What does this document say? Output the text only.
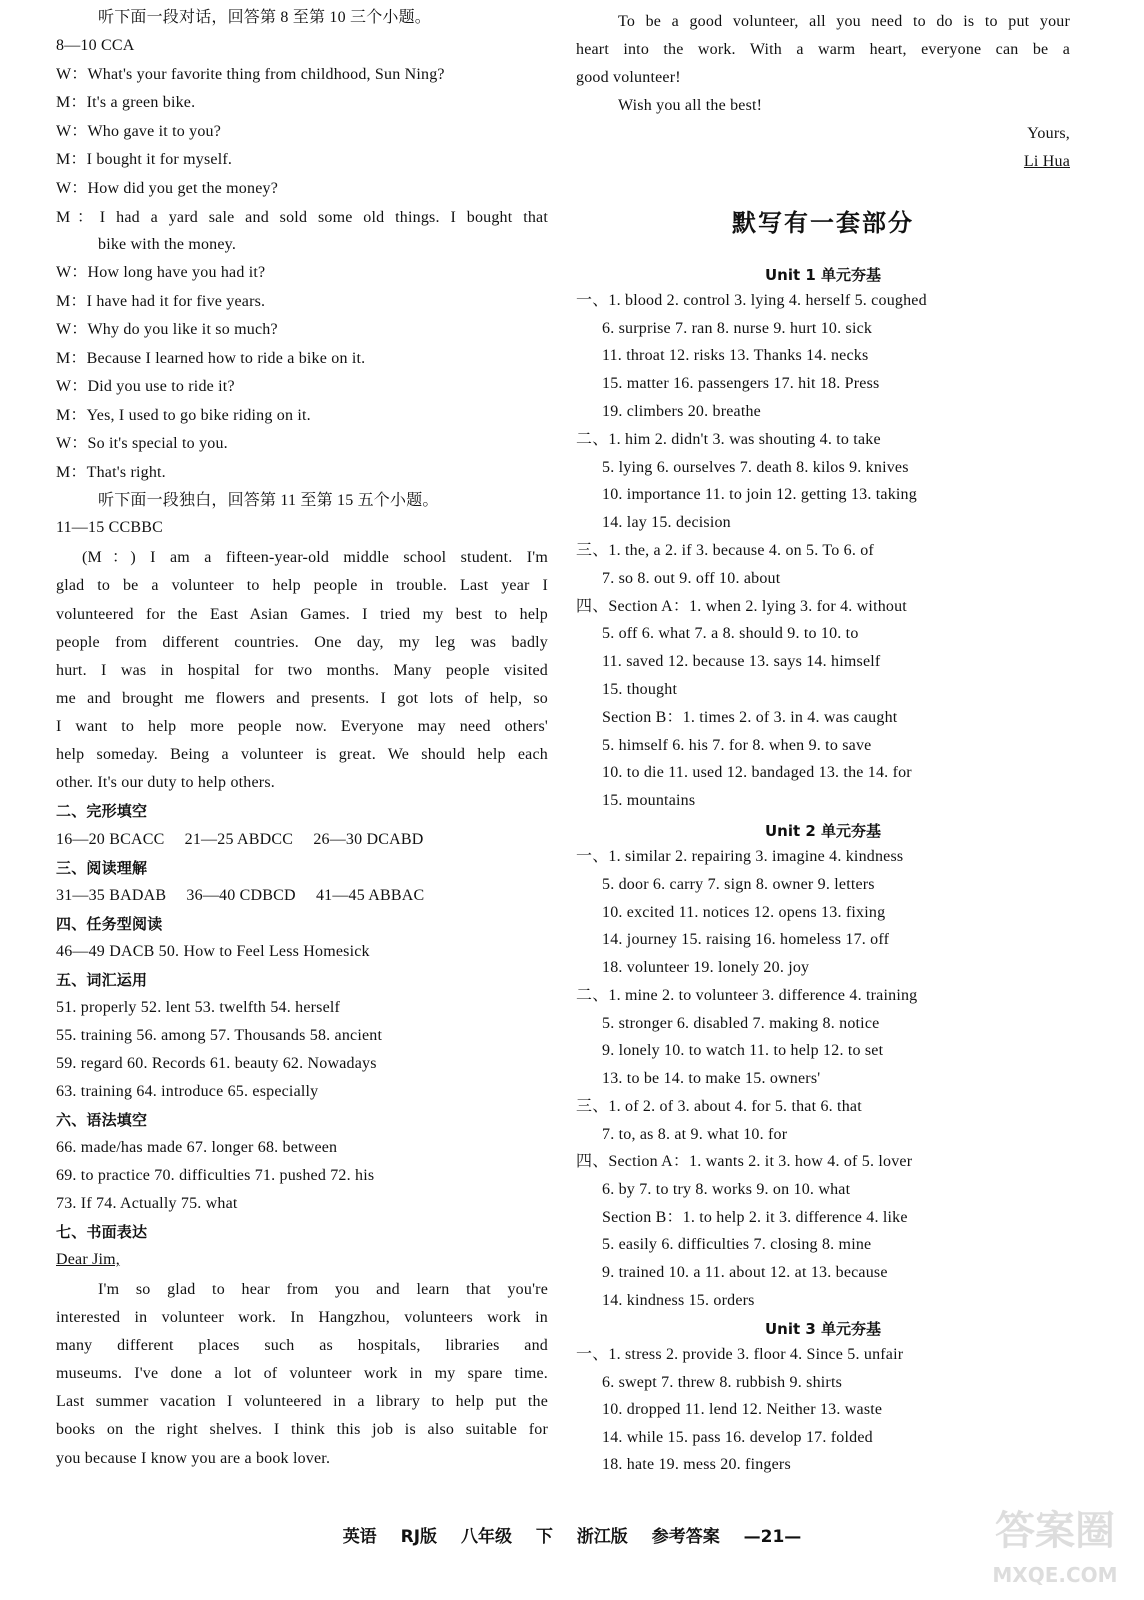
听下面一段对话，回答第 8 至第 10 三个小题。
8—10 CCA
W：What's your favorite thing from childhood, Sun Ning?
M：It's a green bike.
W：Who gave it to you?
M：I bought it for myself.
W：How did you get the money?
M：I had a yard sale and sold some old things. I bought that
bike with the money.
W：How long have you had it?
M：I have had it for five years.
W：Why do you like it so much?
M：Because I learned how to ride a bike on it.
W：Did you use to ride it?
M：Yes, I used to go bike riding on it.
W：So it's special to you.
M：That's right.
听下面一段独白，回答第 11 至第 15 五个小题。
11—15 CCBBC
(M：) I am a fifteen-year-old middle school student. I'm
glad to be a volunteer to help people in trouble. Last year I
volunteered for the East Asian Games. I tried my best to help
people from different countries. One day, my leg was badly
hurt. I was in hospital for two months. Many people visited
me and brought me flowers and presents. I got lots of help, so
I want to help more people now. Everyone may need others'
help someday. Being a volunteer is great. We should help each
other. It's our duty to help others.
二、完形填空
16—20 BCACC 21—25 ABDCC 26—30 DCABD
三、阅读理解
31—35 BADAB 36—40 CDBCD 41—45 ABBAC
四、任务型阅读
46—49 DACB 50. How to Feel Less Homesick
五、词汇运用
51. properly 52. lent 53. twelfth 54. herself
55. training 56. among 57. Thousands 58. ancient
59. regard 60. Records 61. beauty 62. Nowadays
63. training 64. introduce 65. especially
六、语法填空
66. made/has made 67. longer 68. between
69. to practice 70. difficulties 71. pushed 72. his
73. If 74. Actually 75. what
七、书面表达
Dear Jim,
I'm so glad to hear from you and learn that you're
interested in volunteer work. In Hangzhou, volunteers work in
many different places such as hospitals, libraries and
museums. I've done a lot of volunteer work in my spare time.
Last summer vacation I volunteered in a library to help put the
books on the right shelves. I think this job is also suitable for
you because I know you are a book lover.
To be a good volunteer, all you need to do is to put your
heart into the work. With a warm heart, everyone can be a
good volunteer!
Wish you all the best!
Yours,
Li Hua
默写有一套部分
Unit 1 单元夯基
一、1. blood 2. control 3. lying 4. herself 5. coughed
6. surprise 7. ran 8. nurse 9. hurt 10. sick
11. throat 12. risks 13. Thanks 14. necks
15. matter 16. passengers 17. hit 18. Press
19. climbers 20. breathe
二、1. him 2. didn't 3. was shouting 4. to take
5. lying 6. ourselves 7. death 8. kilos 9. knives
10. importance 11. to join 12. getting 13. taking
14. lay 15. decision
三、1. the, a 2. if 3. because 4. on 5. To 6. of
7. so 8. out 9. off 10. about
四、Section A：1. when 2. lying 3. for 4. without
5. off 6. what 7. a 8. should 9. to 10. to
11. saved 12. because 13. says 14. himself
15. thought
Section B：1. times 2. of 3. in 4. was caught
5. himself 6. his 7. for 8. when 9. to save
10. to die 11. used 12. bandaged 13. the 14. for
15. mountains
Unit 2 单元夯基
一、1. similar 2. repairing 3. imagine 4. kindness
5. door 6. carry 7. sign 8. owner 9. letters
10. excited 11. notices 12. opens 13. fixing
14. journey 15. raising 16. homeless 17. off
18. volunteer 19. lonely 20. joy
二、1. mine 2. to volunteer 3. difference 4. training
5. stronger 6. disabled 7. making 8. notice
9. lonely 10. to watch 11. to help 12. to set
13. to be 14. to make 15. owners'
三、1. of 2. of 3. about 4. for 5. that 6. that
7. to, as 8. at 9. what 10. for
四、Section A：1. wants 2. it 3. how 4. of 5. lover
6. by 7. to try 8. works 9. on 10. what
Section B：1. to help 2. it 3. difference 4. like
5. easily 6. difficulties 7. closing 8. mine
9. trained 10. a 11. about 12. at 13. because
14. kindness 15. orders
Unit 3 单元夯基
一、1. stress 2. provide 3. floor 4. Since 5. unfair
6. swept 7. threw 8. rubbish 9. shirts
10. dropped 11. lend 12. Neither 13. waste
14. while 15. pass 16. develop 17. folded
18. hate 19. mess 20. fingers
英语 RJ版 八年级 下 浙江版 参考答案 —21—	答案圈
MXQE.COM
